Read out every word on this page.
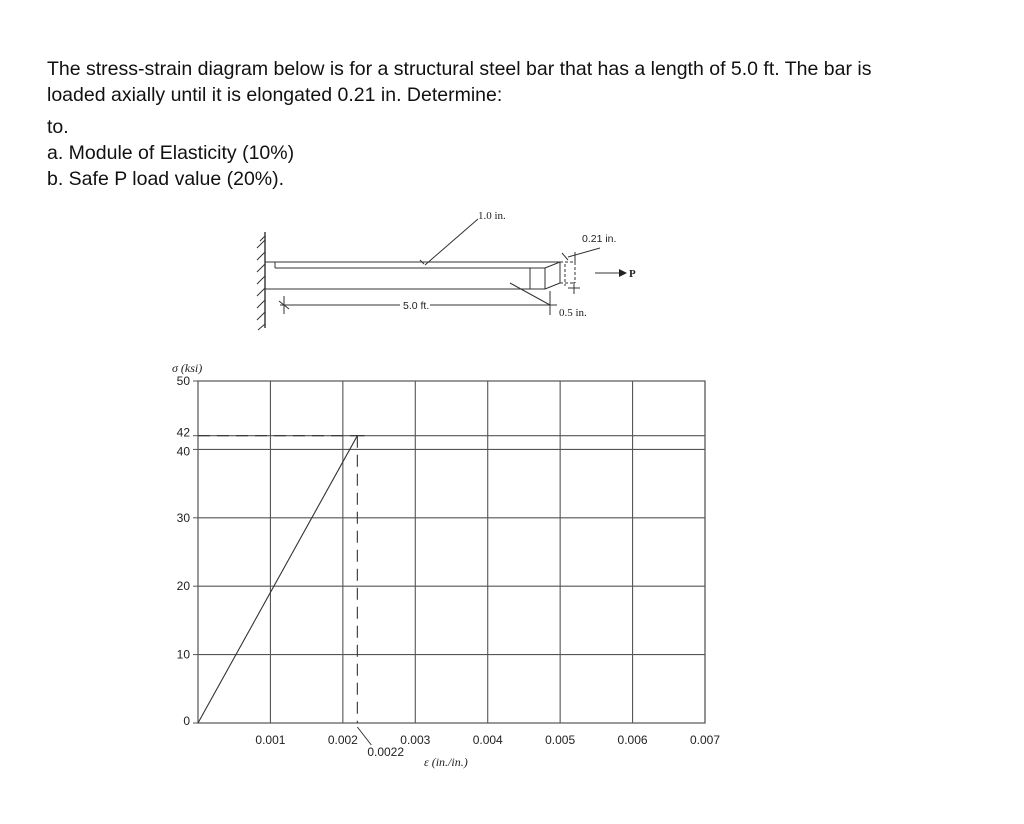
The stress-strain diagram below is for a structural steel bar that has a length of 5.0 ft. The bar is

loaded axially until it is elongated 0.21 in. Determine:

to.

a. Module of Elasticity (10%)

b. Safe P load value (20%).

1.0 in.
0.21 in.
P
5.0 ft.
0.5 in.
0
10
20
30
40
42
50
0.001	0.002	0.003	0.004	0.005	0.006	0.007
σ (ksi)
ε (in./in.)
0.0022
